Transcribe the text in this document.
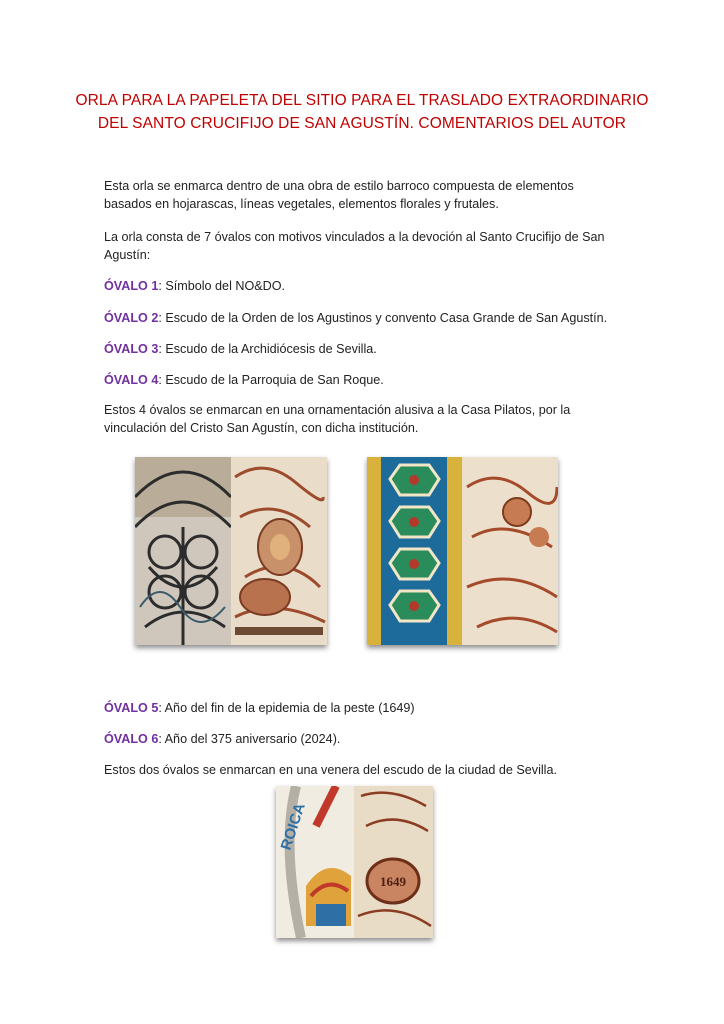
ORLA PARA LA PAPELETA DEL SITIO PARA EL TRASLADO EXTRAORDINARIO
DEL SANTO CRUCIFIJO DE SAN AGUSTÍN. COMENTARIOS DEL AUTOR
Esta orla se enmarca dentro de una obra de estilo barroco compuesta de elementos basados en hojarascas, líneas vegetales, elementos florales y frutales.
La orla consta de 7 óvalos con motivos vinculados a la devoción al Santo Crucifijo de San Agustín:
ÓVALO 1: Símbolo del NO&DO.
ÓVALO 2: Escudo de la Orden de los Agustinos y convento Casa Grande de San Agustín.
ÓVALO 3: Escudo de la Archidiócesis de Sevilla.
ÓVALO 4: Escudo de la Parroquia de San Roque.
Estos 4 óvalos se enmarcan en una ornamentación alusiva a la Casa Pilatos, por la vinculación del Cristo San Agustín, con dicha institución.
ÓVALO 5: Año del fin de la epidemia de la peste (1649)
ÓVALO 6: Año del 375 aniversario (2024).
Estos dos óvalos se enmarcan en una venera del escudo de la ciudad de Sevilla.
ROICA
1649
